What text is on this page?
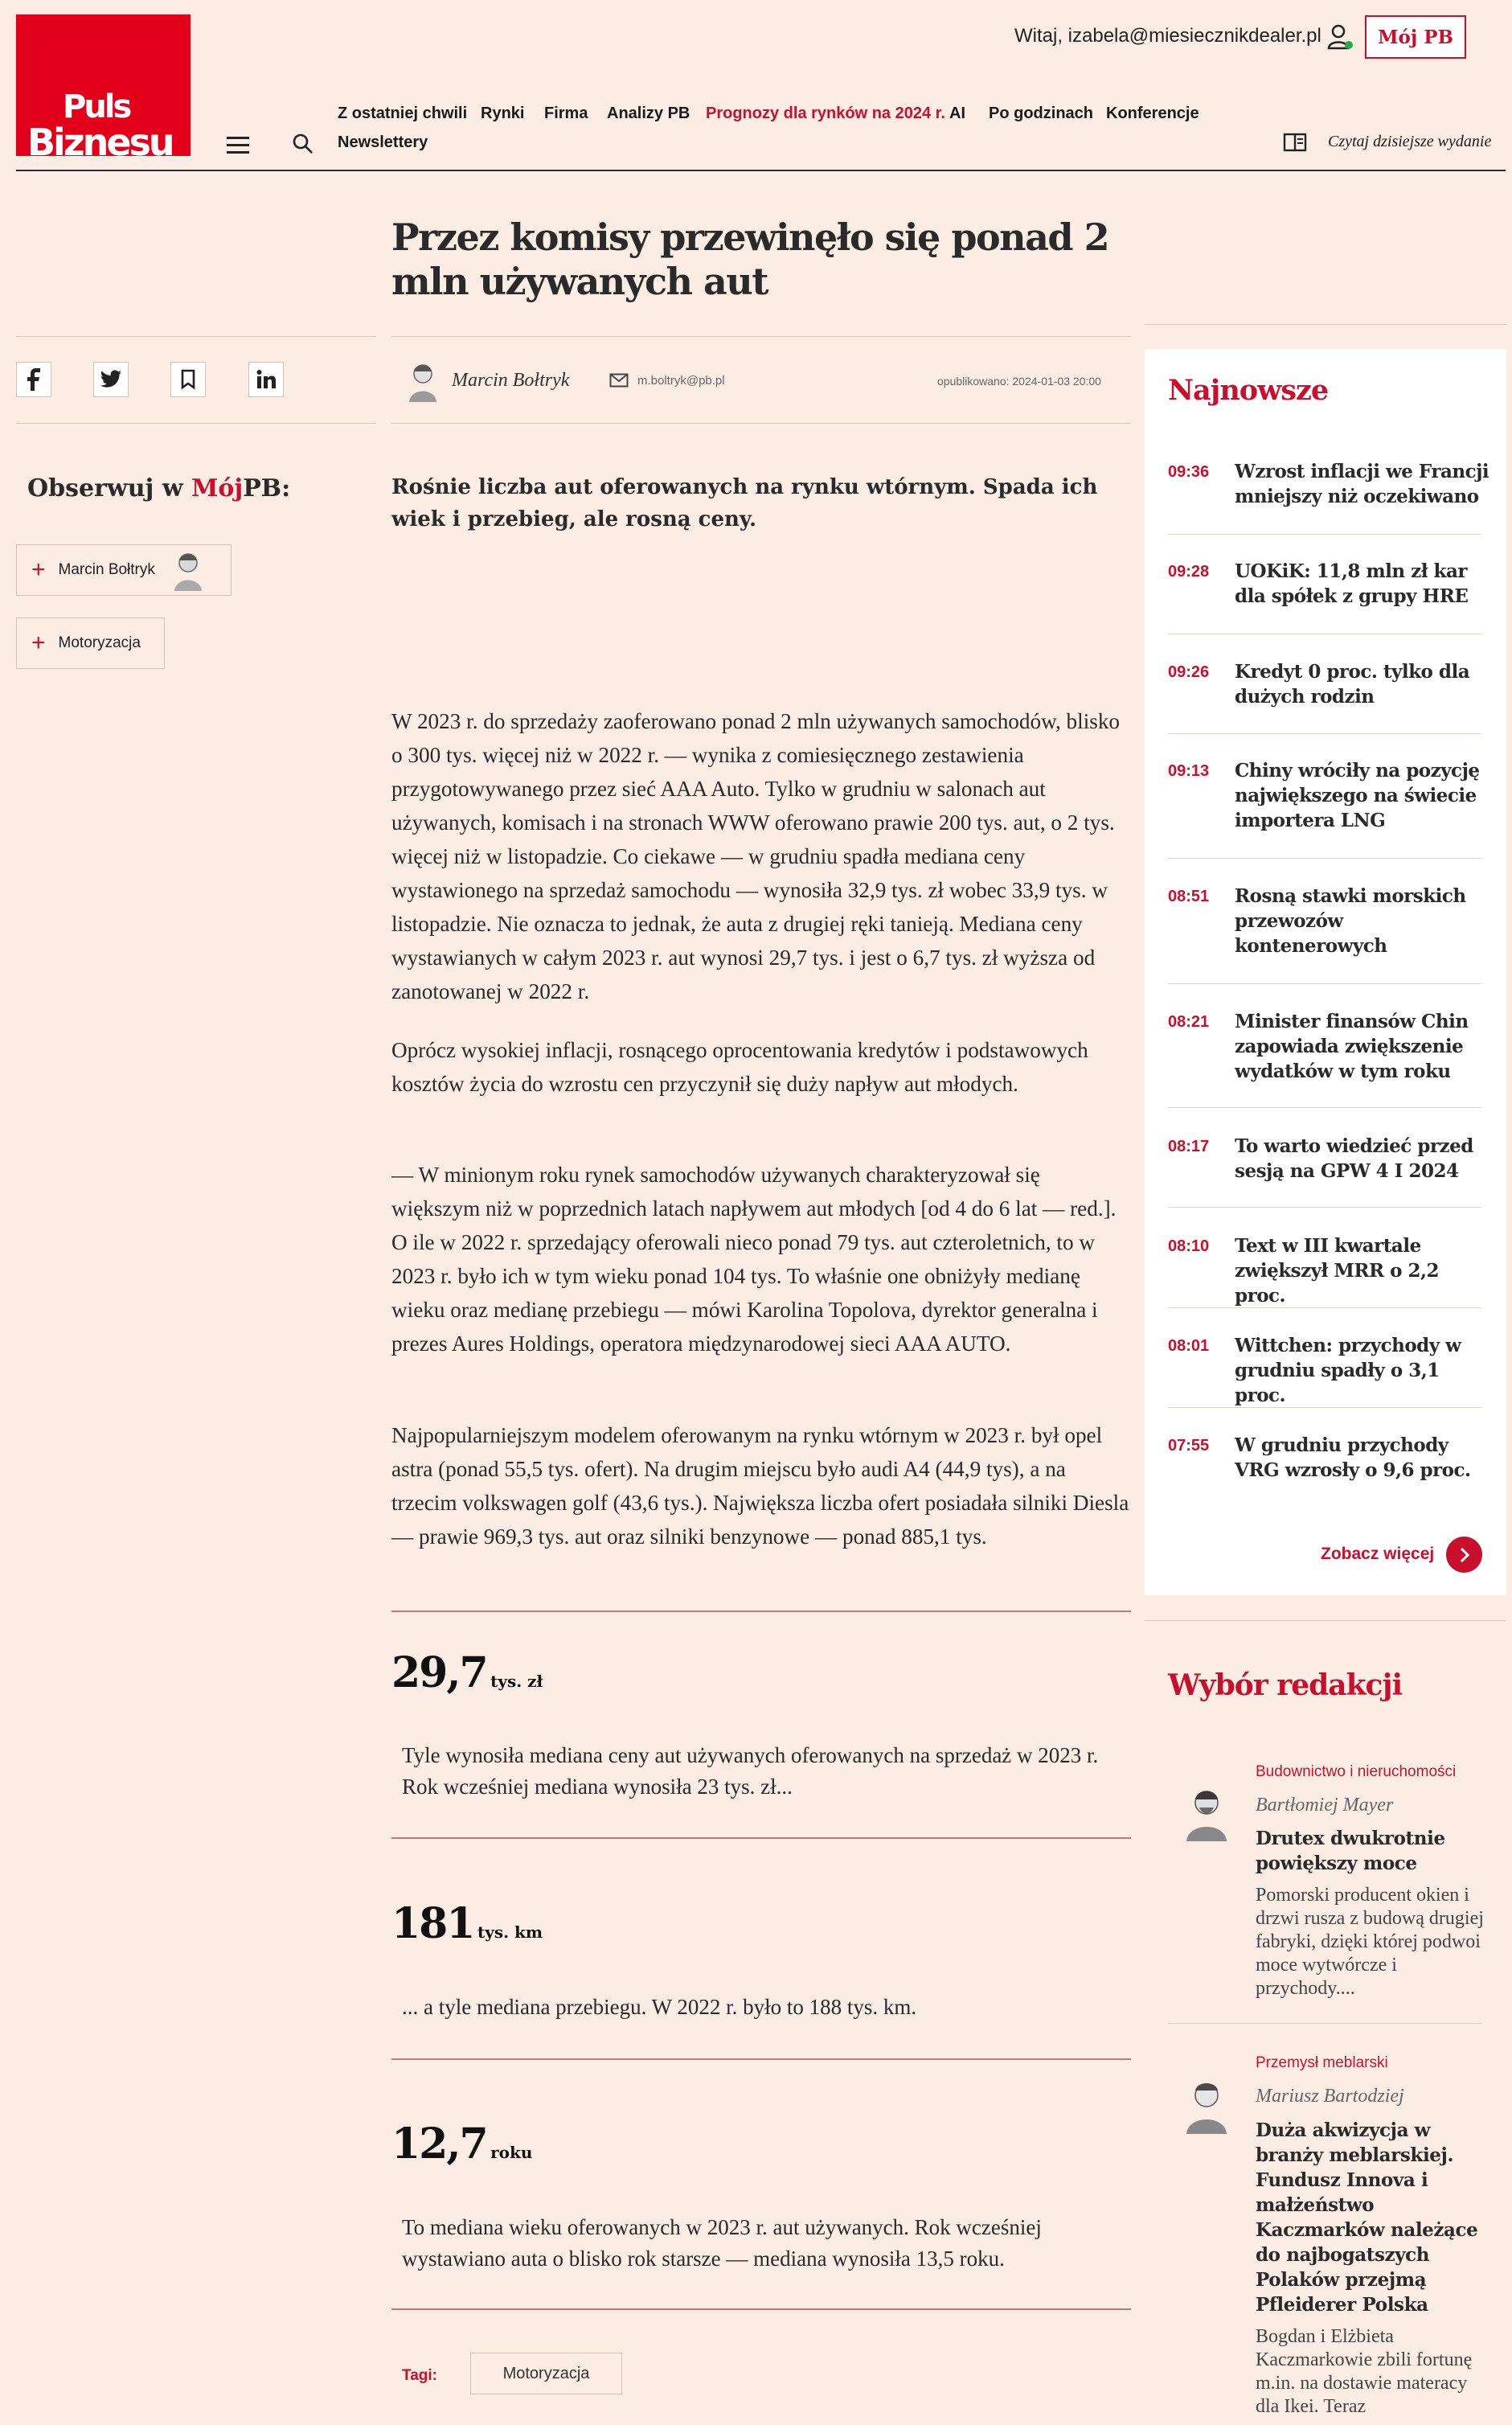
Puls
Biznesu
Witaj, izabela@miesiecznikdealer.pl	Mój PB
Z ostatniej chwili Rynki Firma Analizy PB Prognozy dla rynków na 2024 r. AI Po godzinach Konferencje
Newslettery	Czytaj dzisiejsze wydanie
Przez komisy przewinęło się ponad 2 mln używanych aut
Obserwuj w MójPB:
+ Marcin Bołtryk
+ Motoryzacja
Marcin Bołtryk	m.boltryk@pb.pl	opublikowano: 2024-01-03 20:00

Rośnie liczba aut oferowanych na rynku wtórnym. Spada ich wiek i przebieg, ale rosną ceny.

W 2023 r. do sprzedaży zaoferowano ponad 2 mln używanych samochodów, blisko o 300 tys. więcej niż w 2022 r. — wynika z comiesięcznego zestawienia przygotowywanego przez sieć AAA Auto. Tylko w grudniu w salonach aut używanych, komisach i na stronach WWW oferowano prawie 200 tys. aut, o 2 tys. więcej niż w listopadzie. Co ciekawe — w grudniu spadła mediana ceny wystawionego na sprzedaż samochodu — wynosiła 32,9 tys. zł wobec 33,9 tys. w listopadzie. Nie oznacza to jednak, że auta z drugiej ręki tanieją. Mediana ceny wystawianych w całym 2023 r. aut wynosi 29,7 tys. i jest o 6,7 tys. zł wyższa od zanotowanej w 2022 r.

Oprócz wysokiej inflacji, rosnącego oprocentowania kredytów i podstawowych kosztów życia do wzrostu cen przyczynił się duży napływ aut młodych.

— W minionym roku rynek samochodów używanych charakteryzował się większym niż w poprzednich latach napływem aut młodych [od 4 do 6 lat — red.]. O ile w 2022 r. sprzedający oferowali nieco ponad 79 tys. aut czteroletnich, to w 2023 r. było ich w tym wieku ponad 104 tys. To właśnie one obniżyły medianę wieku oraz medianę przebiegu — mówi Karolina Topolova, dyrektor generalna i prezes Aures Holdings, operatora międzynarodowej sieci AAA AUTO.

Najpopularniejszym modelem oferowanym na rynku wtórnym w 2023 r. był opel astra (ponad 55,5 tys. ofert). Na drugim miejscu było audi A4 (44,9 tys), a na trzecim volkswagen golf (43,6 tys.). Największa liczba ofert posiadała silniki Diesla — prawie 969,3 tys. aut oraz silniki benzynowe — ponad 885,1 tys.

29,7 tys. zł

Tyle wynosiła mediana ceny aut używanych oferowanych na sprzedaż w 2023 r. Rok wcześniej mediana wynosiła 23 tys. zł...

181 tys. km

... a tyle mediana przebiegu. W 2022 r. było to 188 tys. km.

12,7 roku

To mediana wieku oferowanych w 2023 r. aut używanych. Rok wcześniej wystawiano auta o blisko rok starsze — mediana wynosiła 13,5 roku.

Tagi:	Motoryzacja
Najnowsze
09:36 Wzrost inflacji we Francji mniejszy niż oczekiwano
09:28 UOKiK: 11,8 mln zł kar dla spółek z grupy HRE
09:26 Kredyt 0 proc. tylko dla dużych rodzin
09:13 Chiny wróciły na pozycję największego na świecie importera LNG
08:51 Rosną stawki morskich przewozów kontenerowych
08:21 Minister finansów Chin zapowiada zwiększenie wydatków w tym roku
08:17 To warto wiedzieć przed sesją na GPW 4 I 2024
08:10 Text w III kwartale zwiększył MRR o 2,2 proc.
08:01 Wittchen: przychody w grudniu spadły o 3,1 proc.
07:55 W grudniu przychody VRG wzrosły o 9,6 proc.
Zobacz więcej
Wybór redakcji
Budownictwo i nieruchomości
Bartłomiej Mayer
Drutex dwukrotnie powiększy moce
Pomorski producent okien i drzwi rusza z budową drugiej fabryki, dzięki której podwoi moce wytwórcze i przychody....
Przemysł meblarski
Mariusz Bartodziej
Duża akwizycja w branży meblarskiej. Fundusz Innova i małżeństwo Kaczmarków należące do najbogatszych Polaków przejmą Pfleiderer Polska
Bogdan i Elżbieta Kaczmarkowie zbili fortunę m.in. na dostawie materacy dla Ikei. Teraz
